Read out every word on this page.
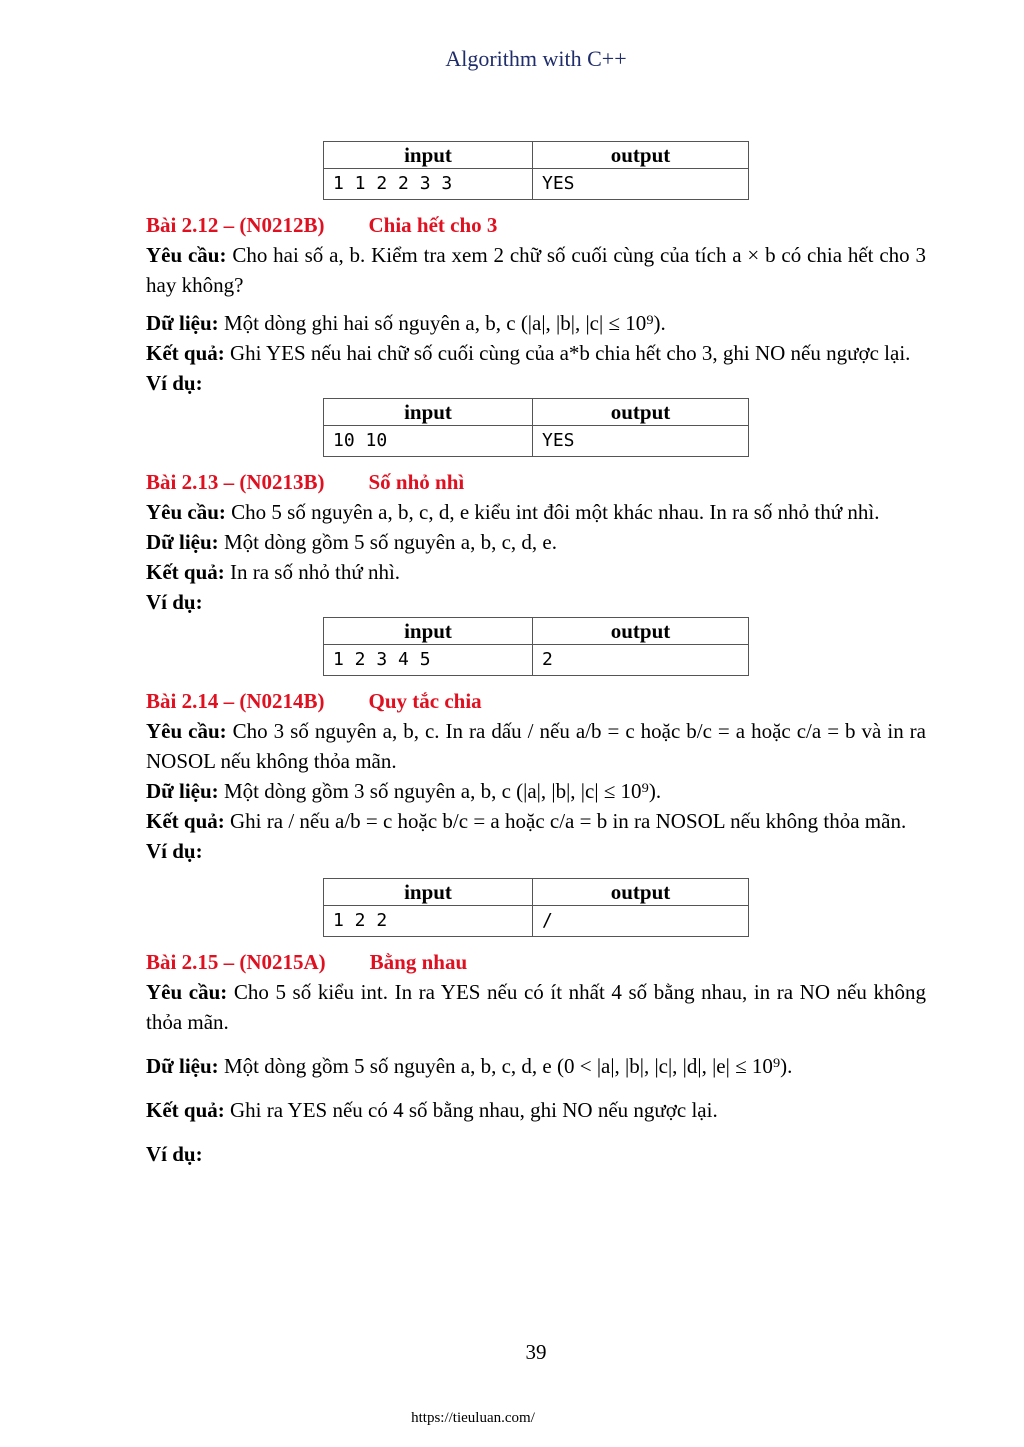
Algorithm with C++
input	output
1 1 2 2 3 3	YES
Bài 2.12 – (N0212B) Chia hết cho 3

Yêu cầu: Cho hai số a, b. Kiểm tra xem 2 chữ số cuối cùng của tích a × b có chia hết cho 3 hay không?

Dữ liệu: Một dòng ghi hai số nguyên a, b, c (|a|, |b|, |c| ≤ 10⁹).

Kết quả: Ghi YES nếu hai chữ số cuối cùng của a*b chia hết cho 3, ghi NO nếu ngược lại.

Ví dụ:

input	output
10 10	YES
Bài 2.13 – (N0213B) Số nhỏ nhì

Yêu cầu: Cho 5 số nguyên a, b, c, d, e kiểu int đôi một khác nhau. In ra số nhỏ thứ nhì.

Dữ liệu: Một dòng gồm 5 số nguyên a, b, c, d, e.

Kết quả: In ra số nhỏ thứ nhì.

Ví dụ:

input	output
1 2 3 4 5	2
Bài 2.14 – (N0214B) Quy tắc chia

Yêu cầu: Cho 3 số nguyên a, b, c. In ra dấu / nếu a/b = c hoặc b/c = a hoặc c/a = b và in ra NOSOL nếu không thỏa mãn.

Dữ liệu: Một dòng gồm 3 số nguyên a, b, c (|a|, |b|, |c| ≤ 10⁹).

Kết quả: Ghi ra / nếu a/b = c hoặc b/c = a hoặc c/a = b in ra NOSOL nếu không thỏa mãn.

Ví dụ:

input	output
1 2 2	/
Bài 2.15 – (N0215A) Bằng nhau

Yêu cầu: Cho 5 số kiểu int. In ra YES nếu có ít nhất 4 số bằng nhau, in ra NO nếu không thỏa mãn.

Dữ liệu: Một dòng gồm 5 số nguyên a, b, c, d, e (0 < |a|, |b|, |c|, |d|, |e| ≤ 10⁹).

Kết quả: Ghi ra YES nếu có 4 số bằng nhau, ghi NO nếu ngược lại.

Ví dụ:

39
https://tieuluan.com/
